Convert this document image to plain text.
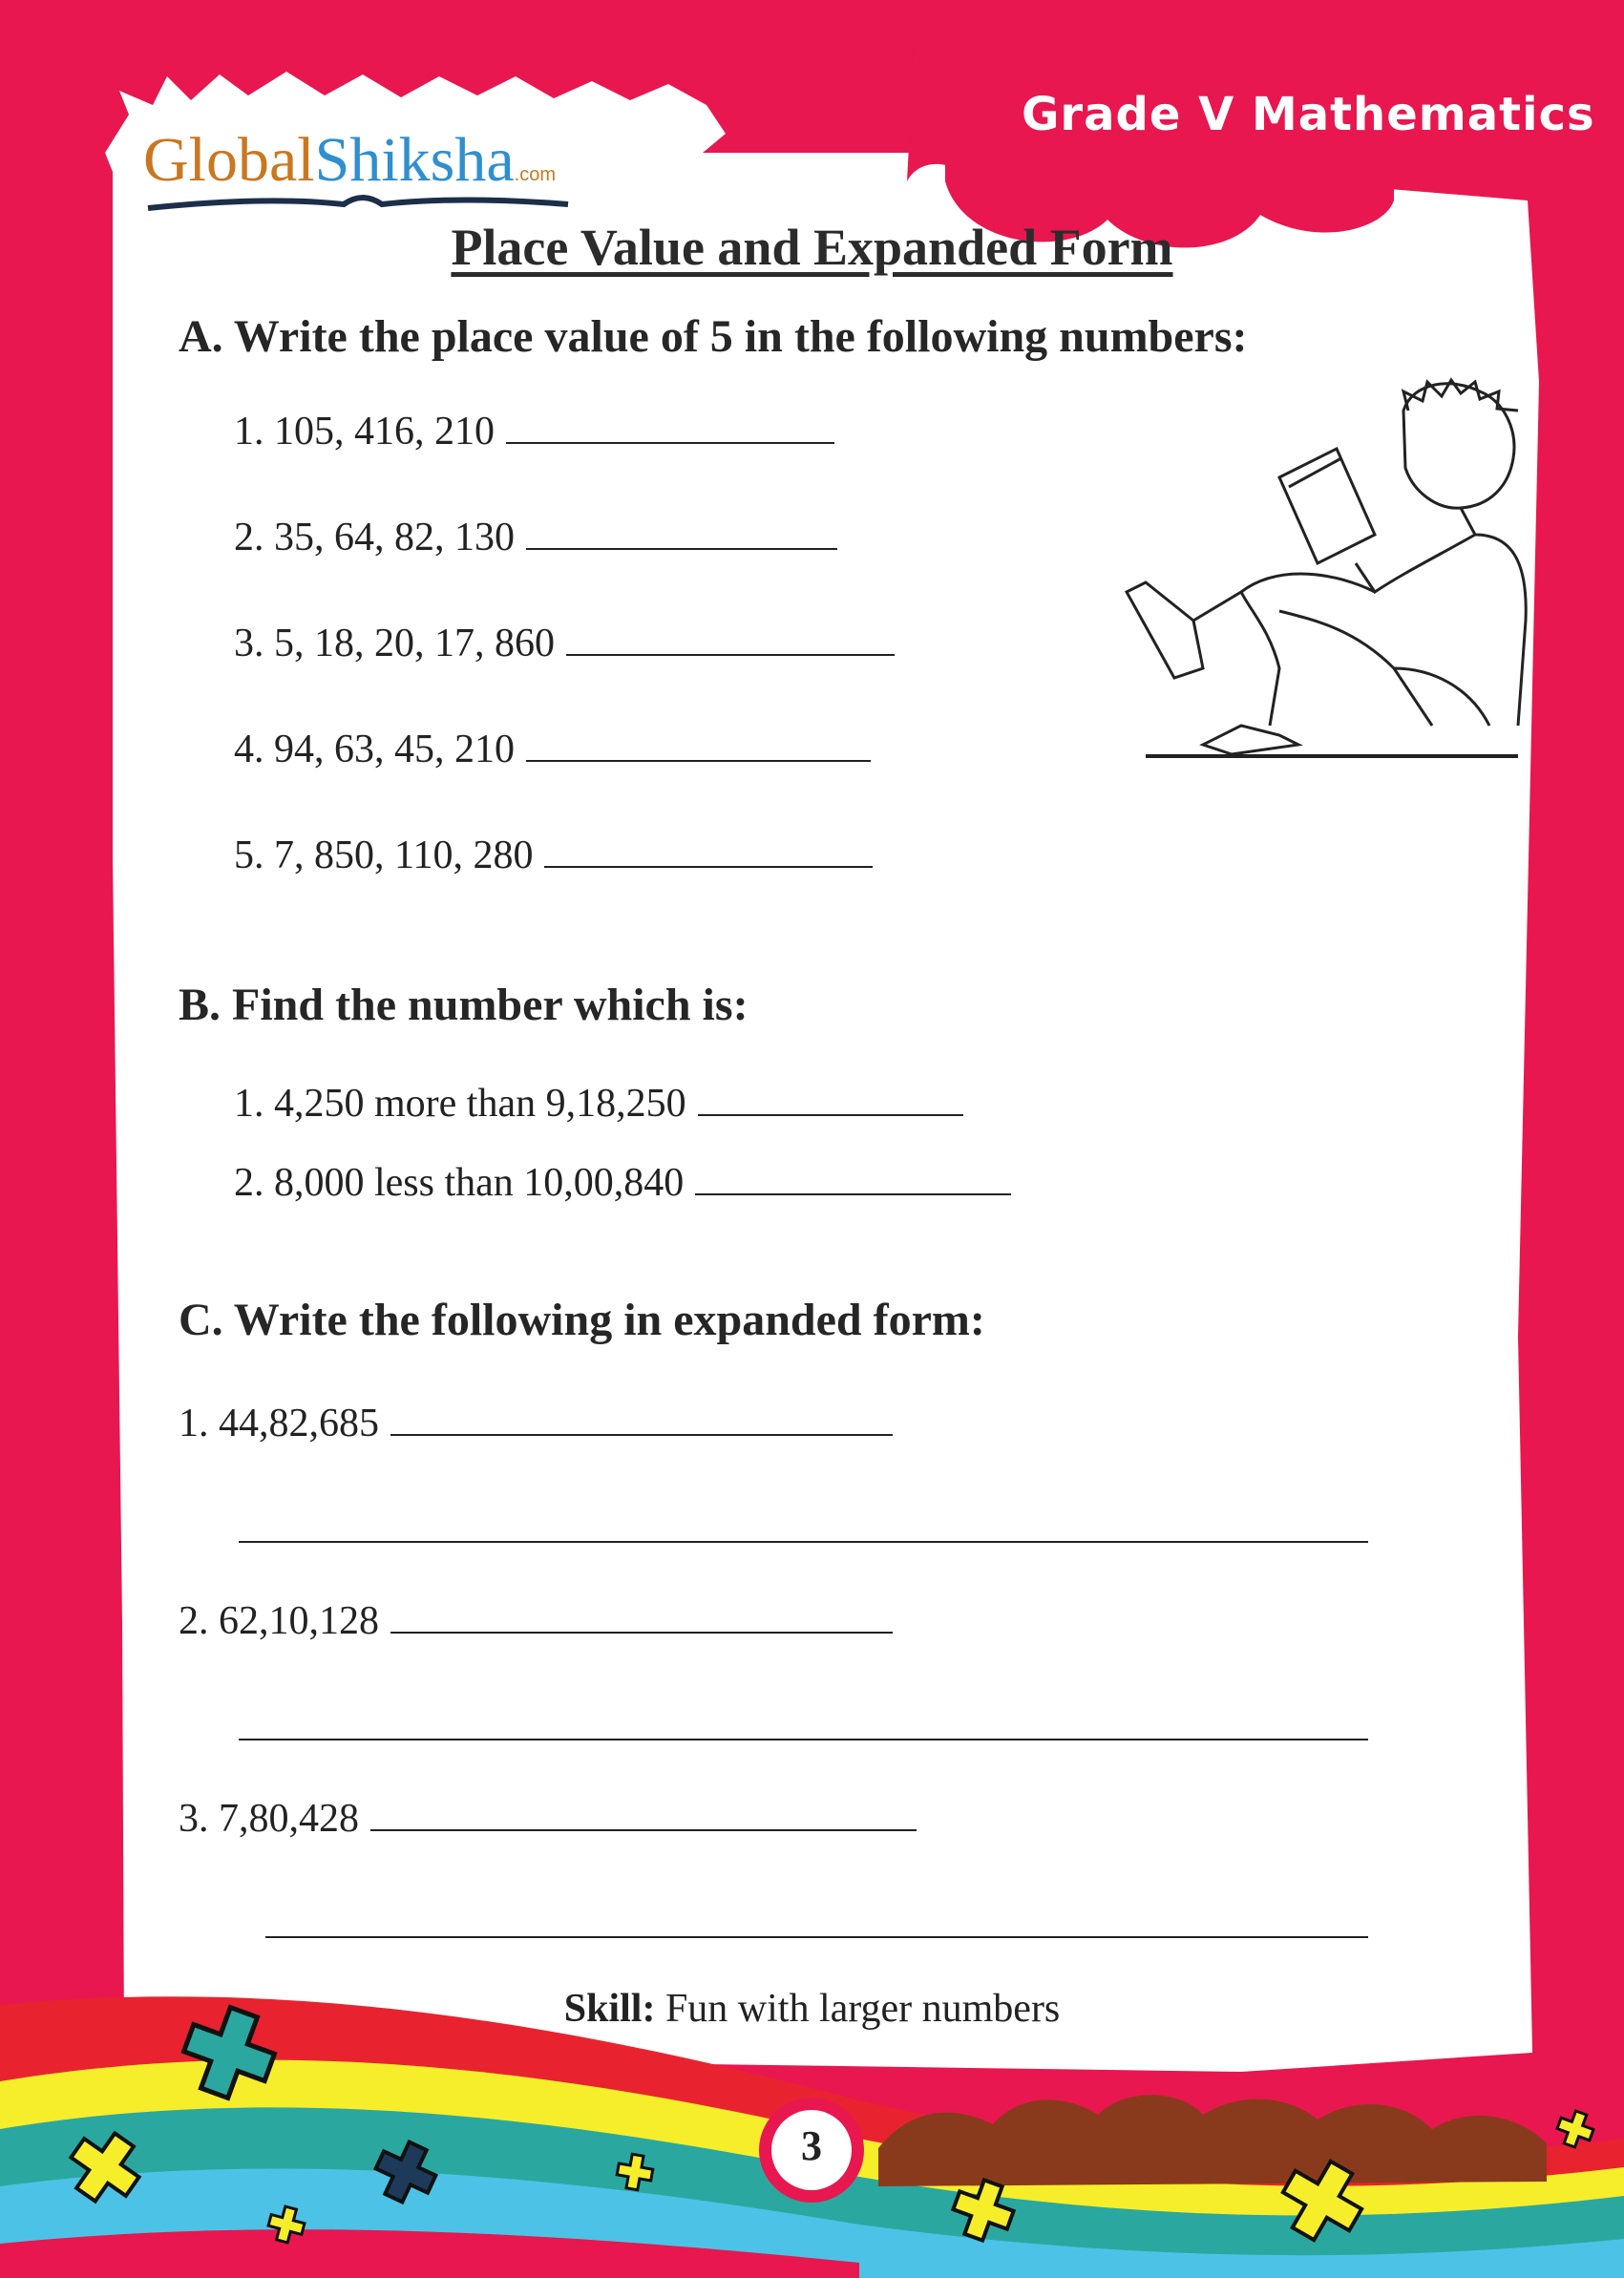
Grade V Mathematics
GlobalShiksha.com
Place Value and Expanded Form
A. Write the place value of 5 in the following numbers:
1. 105, 416, 210
2. 35, 64, 82, 130
3. 5, 18, 20, 17, 860
4. 94, 63, 45, 210
5. 7, 850, 110, 280
B. Find the number which is:
1. 4,250 more than 9,18,250
2. 8,000 less than 10,00,840
C. Write the following in expanded form:
1. 44,82,685
2. 62,10,128
3. 7,80,428
Skill: Fun with larger numbers
3
